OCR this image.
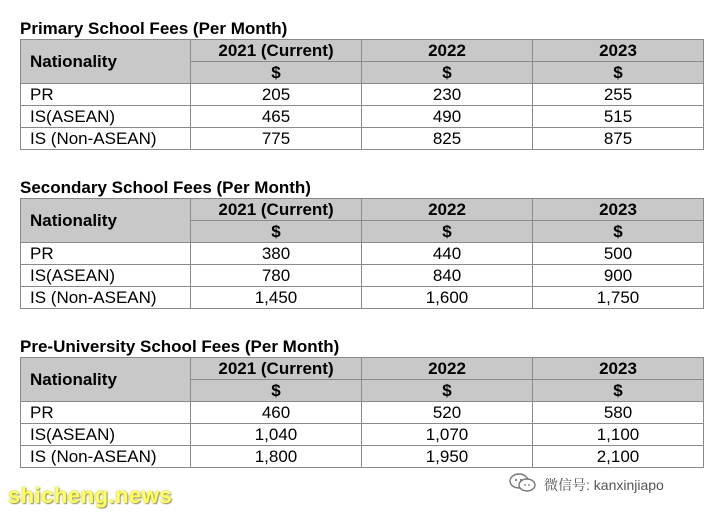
Primary School Fees (Per Month)
Nationality	2021 (Current)	2022	2023
	$	$	$
PR	205	230	255
IS(ASEAN)	465	490	515
IS (Non-ASEAN)	775	825	875
Secondary School Fees (Per Month)
Nationality	2021 (Current)	2022	2023
	$	$	$
PR	380	440	500
IS(ASEAN)	780	840	900
IS (Non-ASEAN)	1,450	1,600	1,750
Pre-University School Fees (Per Month)
Nationality	2021 (Current)	2022	2023
	$	$	$
PR	460	520	580
IS(ASEAN)	1,040	1,070	1,100
IS (Non-ASEAN)	1,800	1,950	2,100
shicheng.news	微信号: kanxinjiapo
